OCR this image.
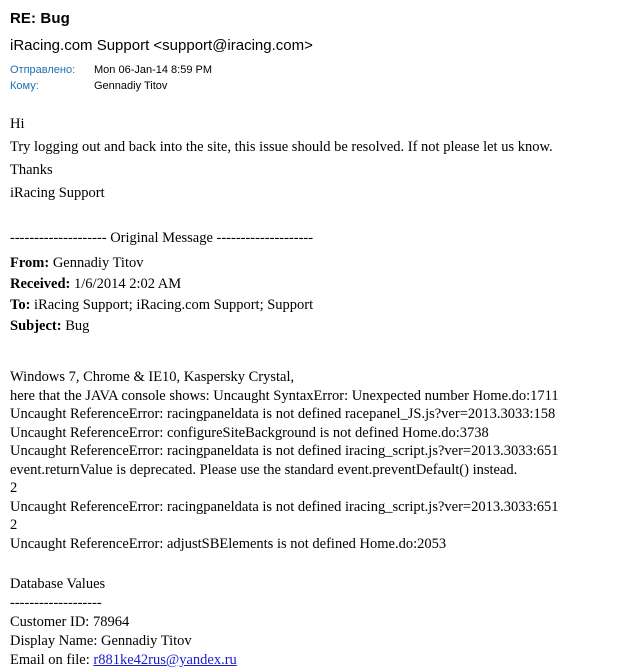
RE: Bug
iRacing.com Support <support@iracing.com>
Отправлено:	Mon 06-Jan-14 8:59 PM
Кому:	Gennadiy Titov

Hi

Try logging out and back into the site, this issue should be resolved. If not please let us know.

Thanks

iRacing Support

-------------------- Original Message --------------------

From: Gennadiy Titov

Received: 1/6/2014 2:02 AM

To: iRacing Support; iRacing.com Support; Support

Subject: Bug

Windows 7, Chrome & IE10, Kaspersky Crystal,
here that the JAVA console shows: Uncaught SyntaxError: Unexpected number Home.do:1711
Uncaught ReferenceError: racingpaneldata is not defined racepanel_JS.js?ver=2013.3033:158
Uncaught ReferenceError: configureSiteBackground is not defined Home.do:3738
Uncaught ReferenceError: racingpaneldata is not defined iracing_script.js?ver=2013.3033:651
event.returnValue is deprecated. Please use the standard event.preventDefault() instead.
2
Uncaught ReferenceError: racingpaneldata is not defined iracing_script.js?ver=2013.3033:651
2
Uncaught ReferenceError: adjustSBElements is not defined Home.do:2053
Database Values
-------------------
Customer ID: 78964
Display Name: Gennadiy Titov
Email on file: r881ke42rus@yandex.ru
